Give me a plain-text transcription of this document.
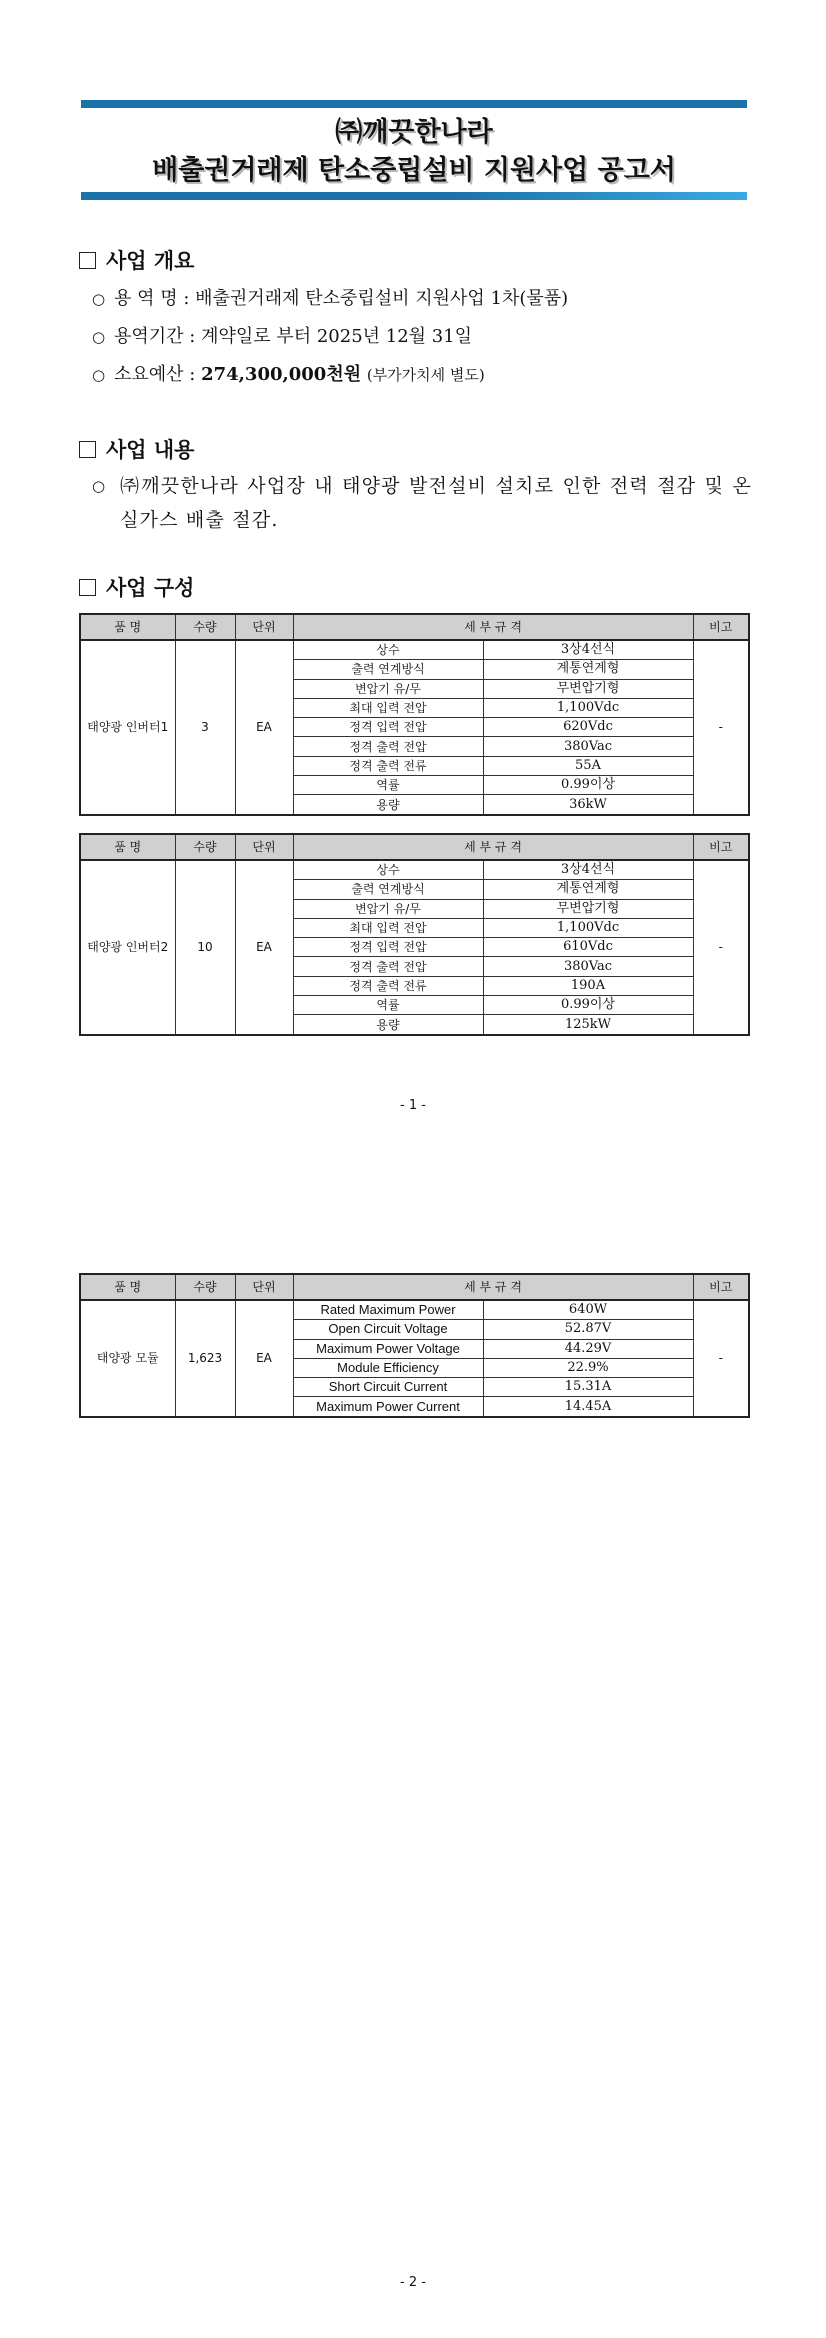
㈜깨끗한나라
배출권거래제 탄소중립설비 지원사업 공고서
사업 개요
○ 용 역 명 : 배출권거래제 탄소중립설비 지원사업 1차(물품)
○ 용역기간 : 계약일로 부터 2025년 12월 31일
○ 소요예산 : 274,300,000천원 (부가가치세 별도)
사업 내용
○ ㈜깨끗한나라 사업장 내 태양광 발전설비 설치로 인한 전력 절감 및 온실가스 배출 절감.
사업 구성
품 명	수량	단위	세 부 규 격		비고
태양광 인버터1	3	EA	상수	3상4선식	-
			출력 연계방식	계통연계형	
			변압기 유/무	무변압기형	
			최대 입력 전압	1,100Vdc	
			정격 입력 전압	620Vdc	
			정격 출력 전압	380Vac	
			정격 출력 전류	55A	
			역률	0.99이상	
			용량	36kW	
품 명	수량	단위	세 부 규 격		비고
태양광 인버터2	10	EA	상수	3상4선식	-
			출력 연계방식	계통연계형	
			변압기 유/무	무변압기형	
			최대 입력 전압	1,100Vdc	
			정격 입력 전압	610Vdc	
			정격 출력 전압	380Vac	
			정격 출력 전류	190A	
			역률	0.99이상	
			용량	125kW	
- 1 -
품 명	수량	단위	세 부 규 격		비고
태양광 모듈	1,623	EA	Rated Maximum Power	640W	-
			Open Circuit Voltage	52.87V	
			Maximum Power Voltage	44.29V	
			Module Efficiency	22.9%	
			Short Circuit Current	15.31A	
			Maximum Power Current	14.45A	
- 2 -
